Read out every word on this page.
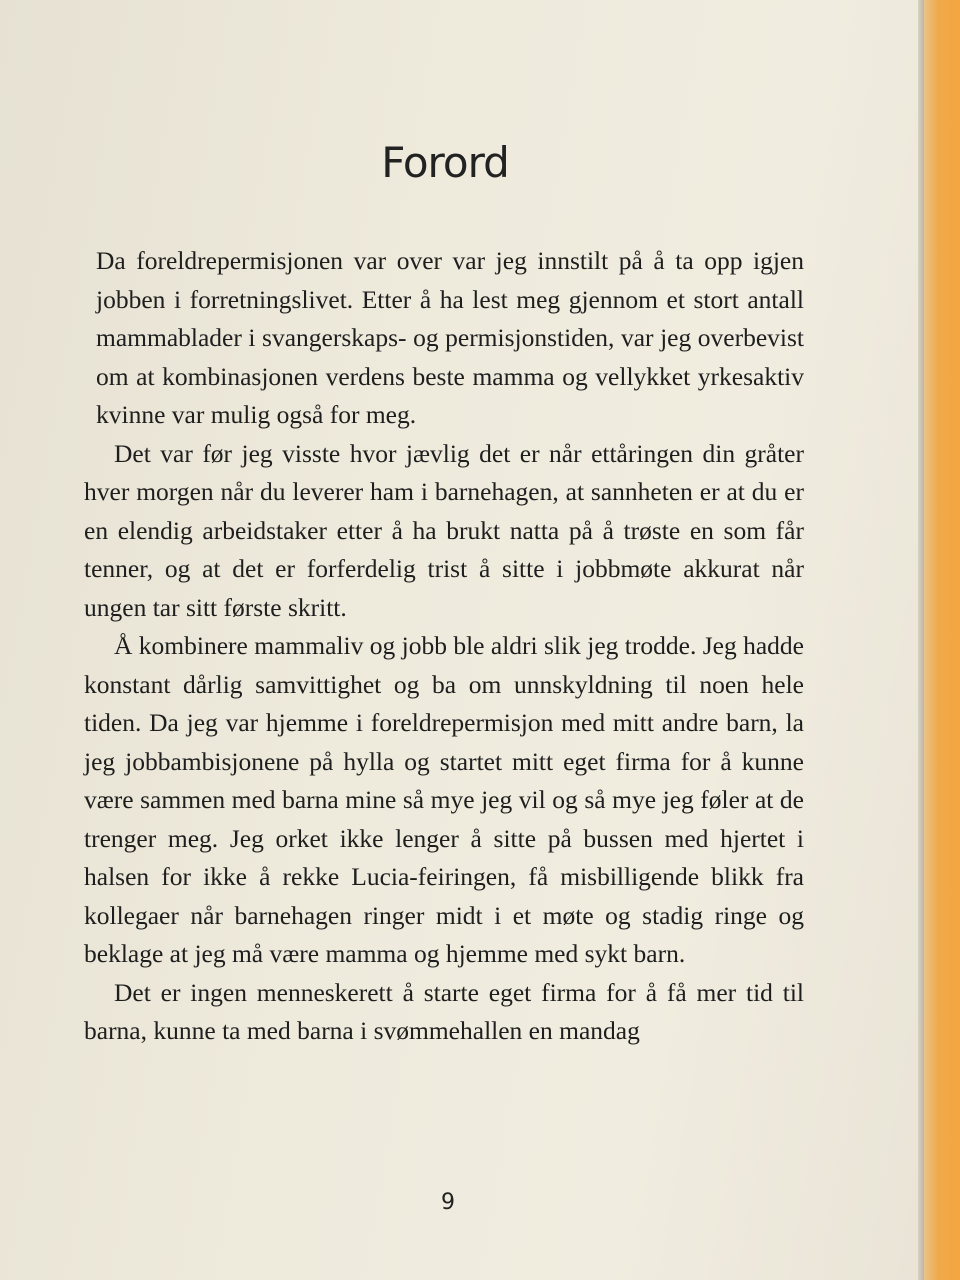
Forord

Da foreldrepermisjonen var over var jeg innstilt på å ta opp igjen jobben i forretningslivet. Etter å ha lest meg gjennom et stort antall mammablader i svangerskaps- og permisjonstiden, var jeg overbevist om at kombinasjonen verdens beste mamma og vellykket yrkesaktiv kvinne var mulig også for meg.

Det var før jeg visste hvor jævlig det er når ettåringen din gråter hver morgen når du leverer ham i barnehagen, at sannheten er at du er en elendig arbeidstaker etter å ha brukt natta på å trøste en som får tenner, og at det er forferdelig trist å sitte i jobbmøte akkurat når ungen tar sitt første skritt.

Å kombinere mammaliv og jobb ble aldri slik jeg trodde. Jeg hadde konstant dårlig samvittighet og ba om unnskyldning til noen hele tiden. Da jeg var hjemme i foreldrepermisjon med mitt andre barn, la jeg jobbambisjonene på hylla og startet mitt eget firma for å kunne være sammen med barna mine så mye jeg vil og så mye jeg føler at de trenger meg. Jeg orket ikke lenger å sitte på bussen med hjertet i halsen for ikke å rekke Lucia-feiringen, få misbilligende blikk fra kollegaer når barnehagen ringer midt i et møte og stadig ringe og beklage at jeg må være mamma og hjemme med sykt barn.

Det er ingen menneskerett å starte eget firma for å få mer tid til barna, kunne ta med barna i svømmehallen en mandag

9
